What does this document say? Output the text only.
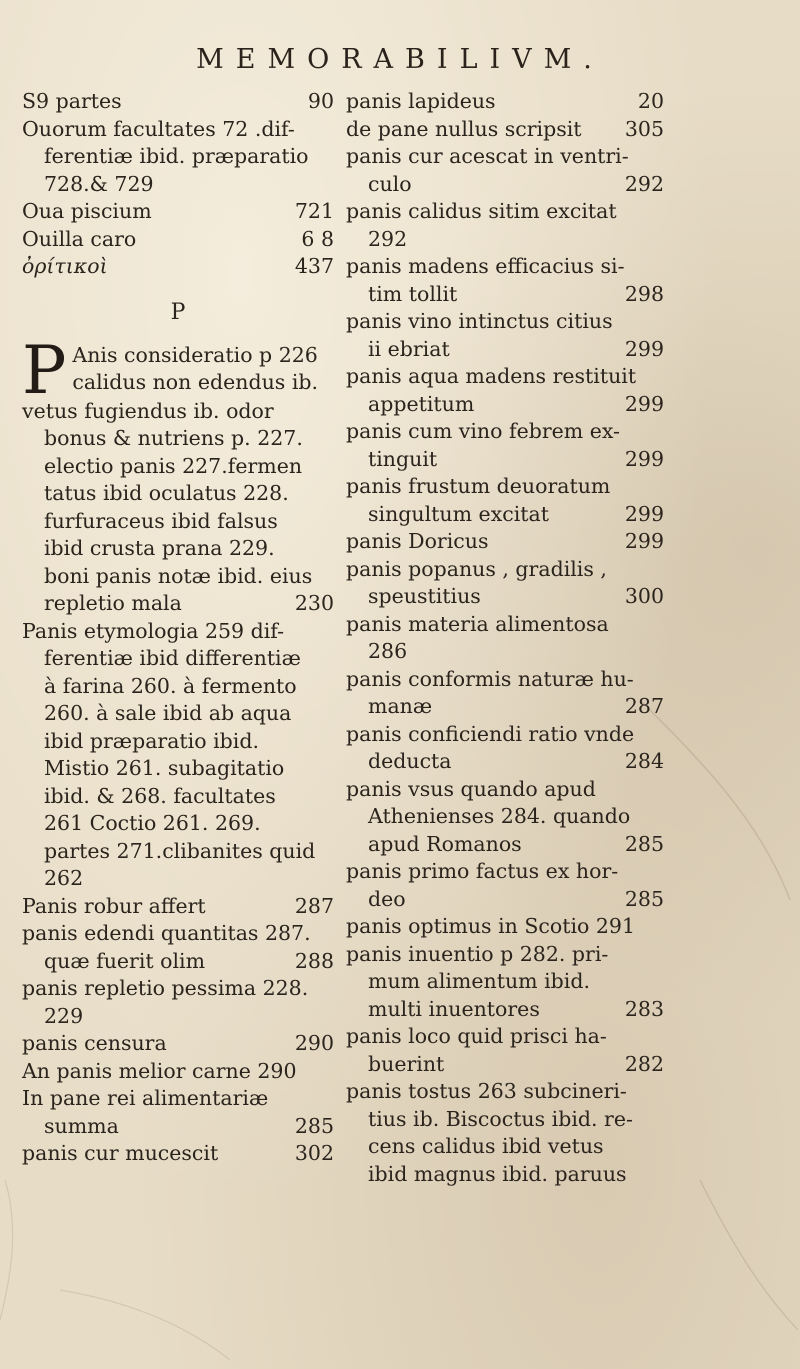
MEMORABILIVM.
S9 partes	90
Ouorum facultates 72 .dif-
ferentiæ ibid. præparatio
728.& 729
Oua piscium	721
Ouilla caro	6 8
ὀρίτικοὶ	437
P
P Anis consideratio p 226
calidus non edendus ib.
vetus fugiendus ib. odor
bonus & nutriens p. 227.
electio panis 227.fermen
tatus ibid oculatus 228.
furfuraceus ibid falsus
ibid crusta prana 229.
boni panis notæ ibid. eius
repletio mala	230
Panis etymologia 259 dif-
ferentiæ ibid differentiæ
à farina 260. à fermento
260. à sale ibid ab aqua
ibid præparatio ibid.
Mistio 261. subagitatio
ibid. & 268. facultates
261 Coctio 261. 269.
partes 271.clibanites quid
262
Panis robur affert	287
panis edendi quantitas 287.
quæ fuerit olim	288
panis repletio pessima 228.
229
panis censura	290
An panis melior carne 290
In pane rei alimentariæ
summa	285
panis cur mucescit	302
panis lapideus	20
de pane nullus scripsit	305
panis cur acescat in ventri-
culo	292
panis calidus sitim excitat
292
panis madens efficacius si-
tim tollit	298
panis vino intinctus citius
ii ebriat	299
panis aqua madens restituit
appetitum	299
panis cum vino febrem ex-
tinguit	299
panis frustum deuoratum
singultum excitat	299
panis Doricus	299
panis popanus , gradilis ,
speustitius	300
panis materia alimentosa
286
panis conformis naturæ hu-
manæ	287
panis conficiendi ratio vnde
deducta	284
panis vsus quando apud
Athenienses 284. quando
apud Romanos	285
panis primo factus ex hor-
deo	285
panis optimus in Scotio 291
panis inuentio p 282. pri-
mum alimentum ibid.
multi inuentores	283
panis loco quid prisci ha-
buerint	282
panis tostus 263 subcineri-
tius ib. Biscoctus ibid. re-
cens calidus ibid vetus
ibid magnus ibid. paruus
